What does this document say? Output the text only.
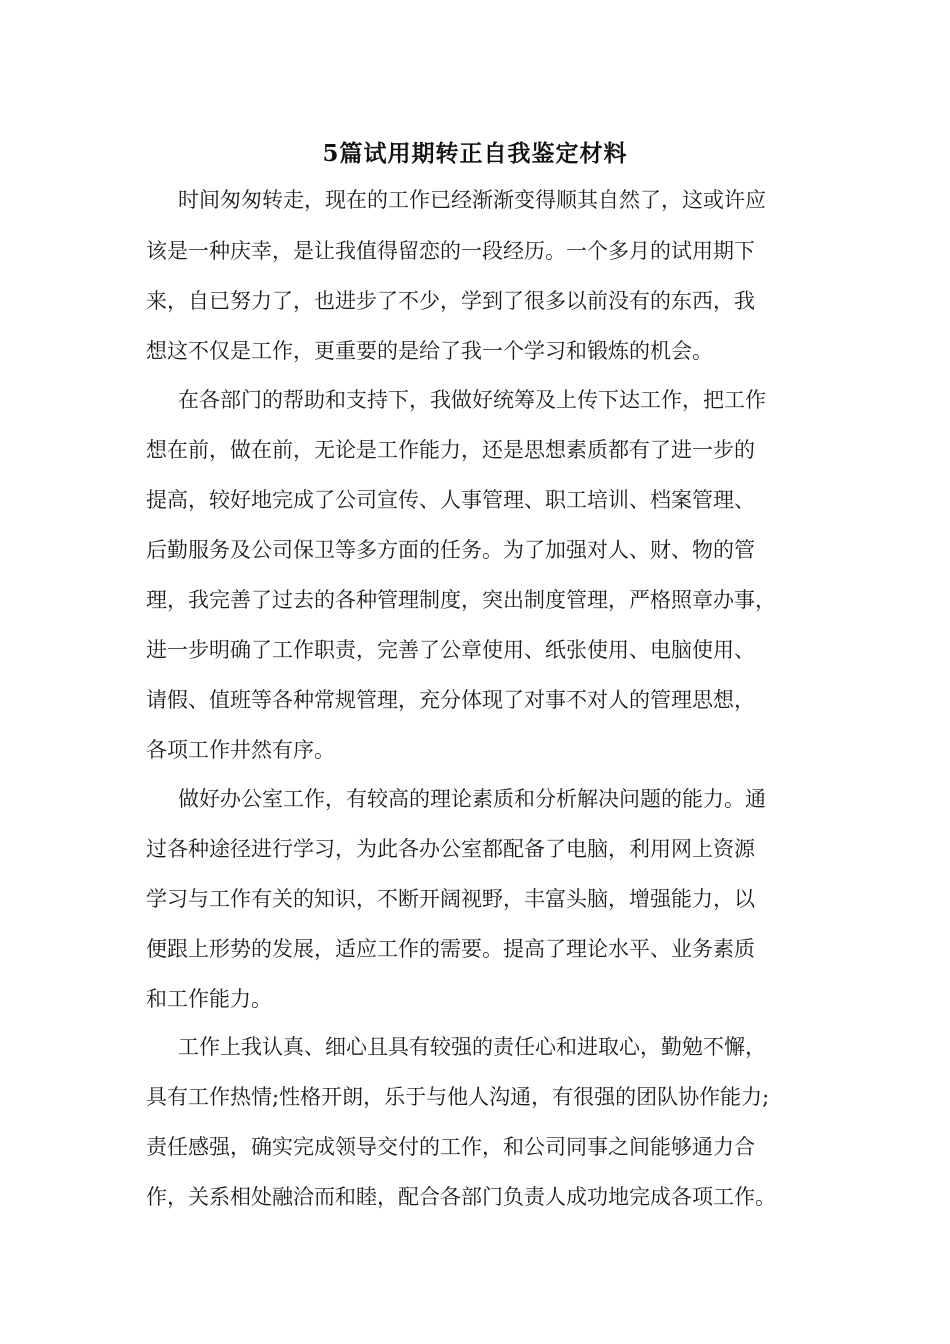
5篇试用期转正自我鉴定材料
时间匆匆转走，现在的工作已经渐渐变得顺其自然了，这或许应
该是一种庆幸，是让我值得留恋的一段经历。一个多月的试用期下
来，自已努力了，也进步了不少，学到了很多以前没有的东西，我
想这不仅是工作，更重要的是给了我一个学习和锻炼的机会。
在各部门的帮助和支持下，我做好统筹及上传下达工作，把工作
想在前，做在前，无论是工作能力，还是思想素质都有了进一步的
提高，较好地完成了公司宣传、人事管理、职工培训、档案管理、
后勤服务及公司保卫等多方面的任务。为了加强对人、财、物的管
理，我完善了过去的各种管理制度，突出制度管理，严格照章办事，
进一步明确了工作职责，完善了公章使用、纸张使用、电脑使用、
请假、值班等各种常规管理，充分体现了对事不对人的管理思想，
各项工作井然有序。
做好办公室工作，有较高的理论素质和分析解决问题的能力。通
过各种途径进行学习，为此各办公室都配备了电脑，利用网上资源
学习与工作有关的知识，不断开阔视野，丰富头脑，增强能力，以
便跟上形势的发展，适应工作的需要。提高了理论水平、业务素质
和工作能力。
工作上我认真、细心且具有较强的责任心和进取心，勤勉不懈，
具有工作热情;性格开朗，乐于与他人沟通，有很强的团队协作能力;
责任感强，确实完成领导交付的工作，和公司同事之间能够通力合
作，关系相处融洽而和睦，配合各部门负责人成功地完成各项工作。
